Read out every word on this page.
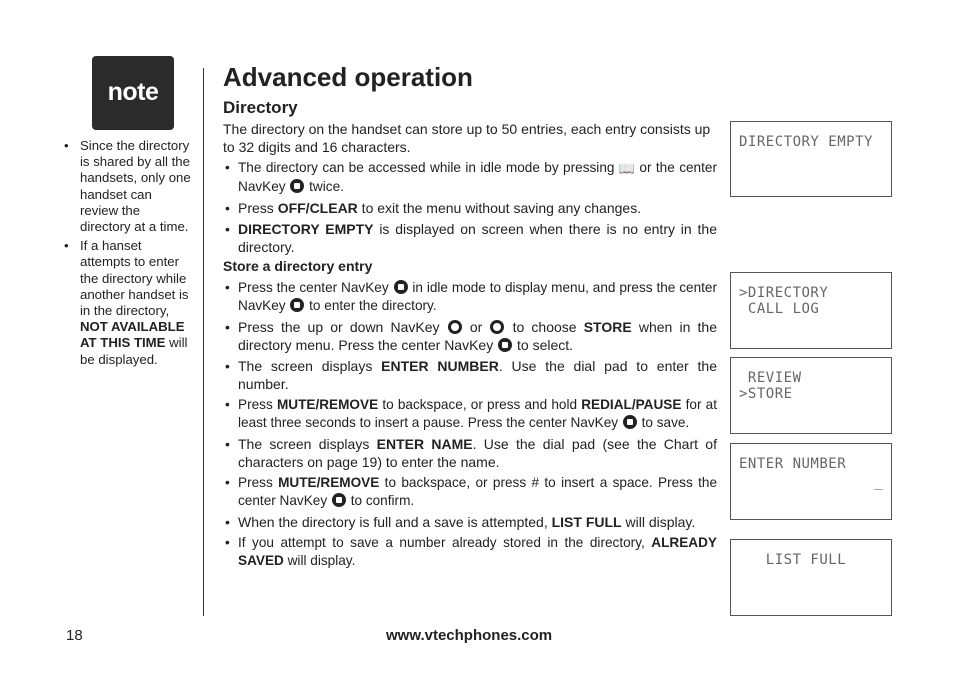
note
• Since the directory is shared by all the handsets, only one handset can review the directory at a time.
• If a hanset attempts to enter the directory while another handset is in the directory, NOT AVAILABLE AT THIS TIME will be displayed.
Advanced operation
Directory

The directory on the handset can store up to 50 entries, each entry consists up to 32 digits and 16 characters.

• The directory can be accessed while in idle mode by pressing 📖 or the center NavKey  twice.
• Press OFF/CLEAR to exit the menu without saving any changes.
• DIRECTORY EMPTY is displayed on screen when there is no entry in the directory.
Store a directory entry
• Press the center NavKey  in idle mode to display menu, and press the center NavKey  to enter the directory.
• Press the up or down NavKey  or  to choose STORE when in the directory menu. Press the center NavKey  to select.
• The screen displays ENTER NUMBER. Use the dial pad to enter the number.
• Press MUTE/REMOVE to backspace, or press and hold REDIAL/PAUSE for at least three seconds to insert a pause. Press the center NavKey  to save.
• The screen displays ENTER NAME. Use the dial pad (see the Chart of characters on page 19) to enter the name.
• Press MUTE/REMOVE to backspace, or press # to insert a space. Press the center NavKey  to confirm.
• When the directory is full and a save is attempted, LIST FULL will display.
• If you attempt to save a number already stored in the directory, ALREADY SAVED will display.
DIRECTORY EMPTY
>DIRECTORY
CALL LOG
REVIEW
>STORE
ENTER NUMBER
_
LIST FULL
18	www.vtechphones.com
